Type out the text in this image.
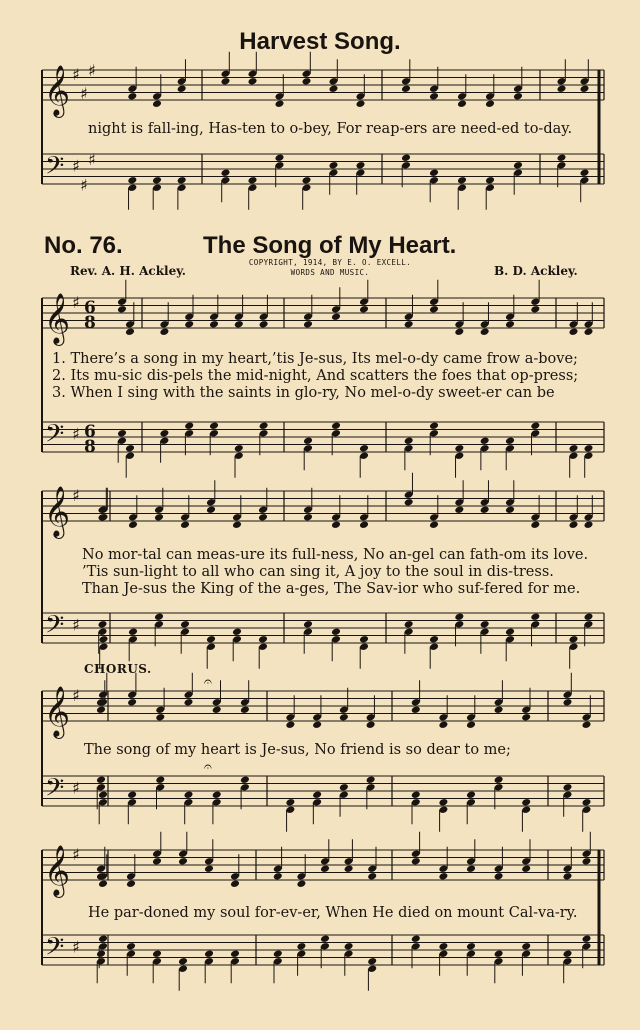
Harvest Song.
night is fall-ing, Has-ten to o-bey, For reap-ers are need-ed to-day.
No. 76.	The Song of My Heart.
Rev. A. H. Ackley.
COPYRIGHT, 1914, BY E. O. EXCELL.
WORDS AND MUSIC.	B. D. Ackley.
1. There’s a song in my heart,’tis Je-sus, Its mel-o-dy came frow a-bove;
2. Its mu-sic dis-pels the mid-night, And scatters the foes that op-press;
3. When I sing with the saints in glo-ry, No mel-o-dy sweet-er can be
No mor-tal can meas-ure its full-ness, No an-gel can fath-om its love.
’Tis sun-light to all who can sing it, A joy to the soul in dis-tress.
Than Je-sus the King of the a-ges, The Sav-ior who suf-fered for me.
CHORUS.
The song of my heart is Je-sus, No friend is so dear to me;
He par-doned my soul for-ev-er, When He died on mount Cal-va-ry.
𝄞 ♯
♯
♯
𝄢 ♯
♯
♯
𝄞 ♯ 6
8
𝄢 ♯ 6
8
𝄞 ♯
𝄢 ♯
𝄞 ♯
𝄢 ♯
𝄞 ♯
𝄢 ♯
𝄐
𝄐
